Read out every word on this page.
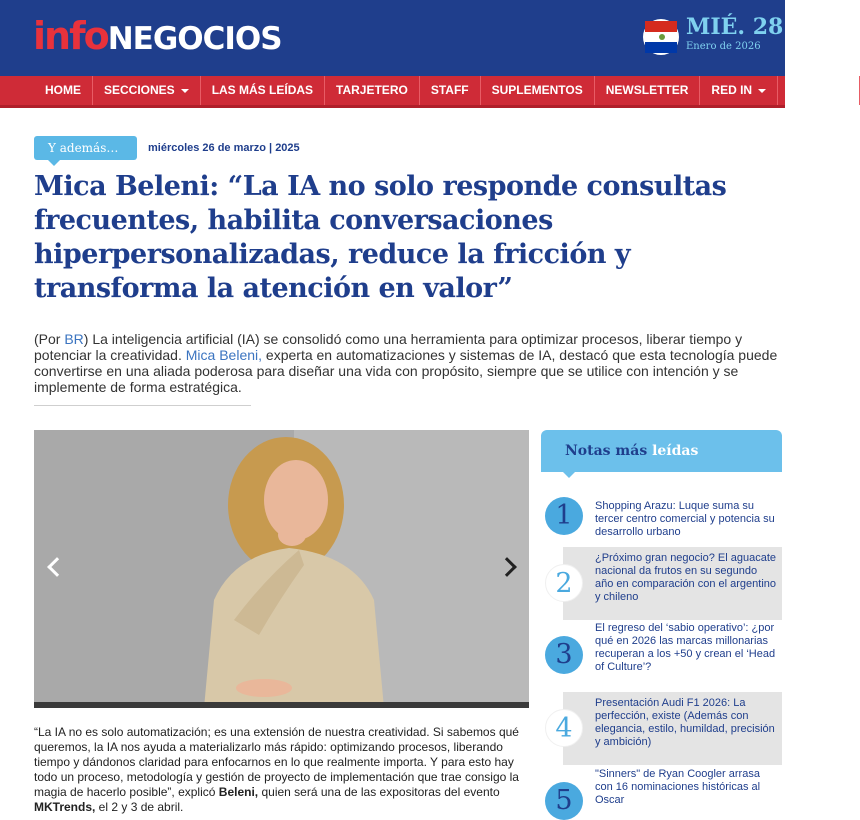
infoNEGOCIOS	MIÉ. 28
Enero de 2026
HOME	SECCIONES	LAS MÁS LEÍDAS	TARJETERO	STAFF	SUPLEMENTOS	NEWSLETTER	RED IN	PODCAST
Y además…	miércoles 26 de marzo | 2025
Mica Beleni: “La IA no solo responde consultas frecuentes, habilita conversaciones hiperpersonalizadas, reduce la fricción y transforma la atención en valor”

(Por BR) La inteligencia artificial (IA) se consolidó como una herramienta para optimizar procesos, liberar tiempo y potenciar la creatividad. Mica Beleni, experta en automatizaciones y sistemas de IA, destacó que esta tecnología puede convertirse en una aliada poderosa para diseñar una vida con propósito, siempre que se utilice con intención y se implemente de forma estratégica.

“La IA no es solo automatización; es una extensión de nuestra creatividad. Si sabemos qué queremos, la IA nos ayuda a materializarlo más rápido: optimizando procesos, liberando tiempo y dándonos claridad para enfocarnos en lo que realmente importa. Y para esto hay todo un proceso, metodología y gestión de proyecto de implementación que trae consigo la magia de hacerlo posible”, explicó Beleni, quien será una de las expositoras del evento MKTrends, el 2 y 3 de abril.

Notas más leídas
1	Shopping Arazu: Luque suma su tercer centro comercial y potencia su desarrollo urbano
2
¿Próximo gran negocio? El aguacate nacional da frutos en su segundo año en comparación con el argentino y chileno
3
El regreso del ‘sabio operativo’: ¿por qué en 2026 las marcas millonarias recuperan a los +50 y crean el ‘Head of Culture’?
4
Presentación Audi F1 2026: La perfección, existe (Además con elegancia, estilo, humildad, precisión y ambición)
5
"Sinners" de Ryan Coogler arrasa con 16 nominaciones históricas al Oscar
